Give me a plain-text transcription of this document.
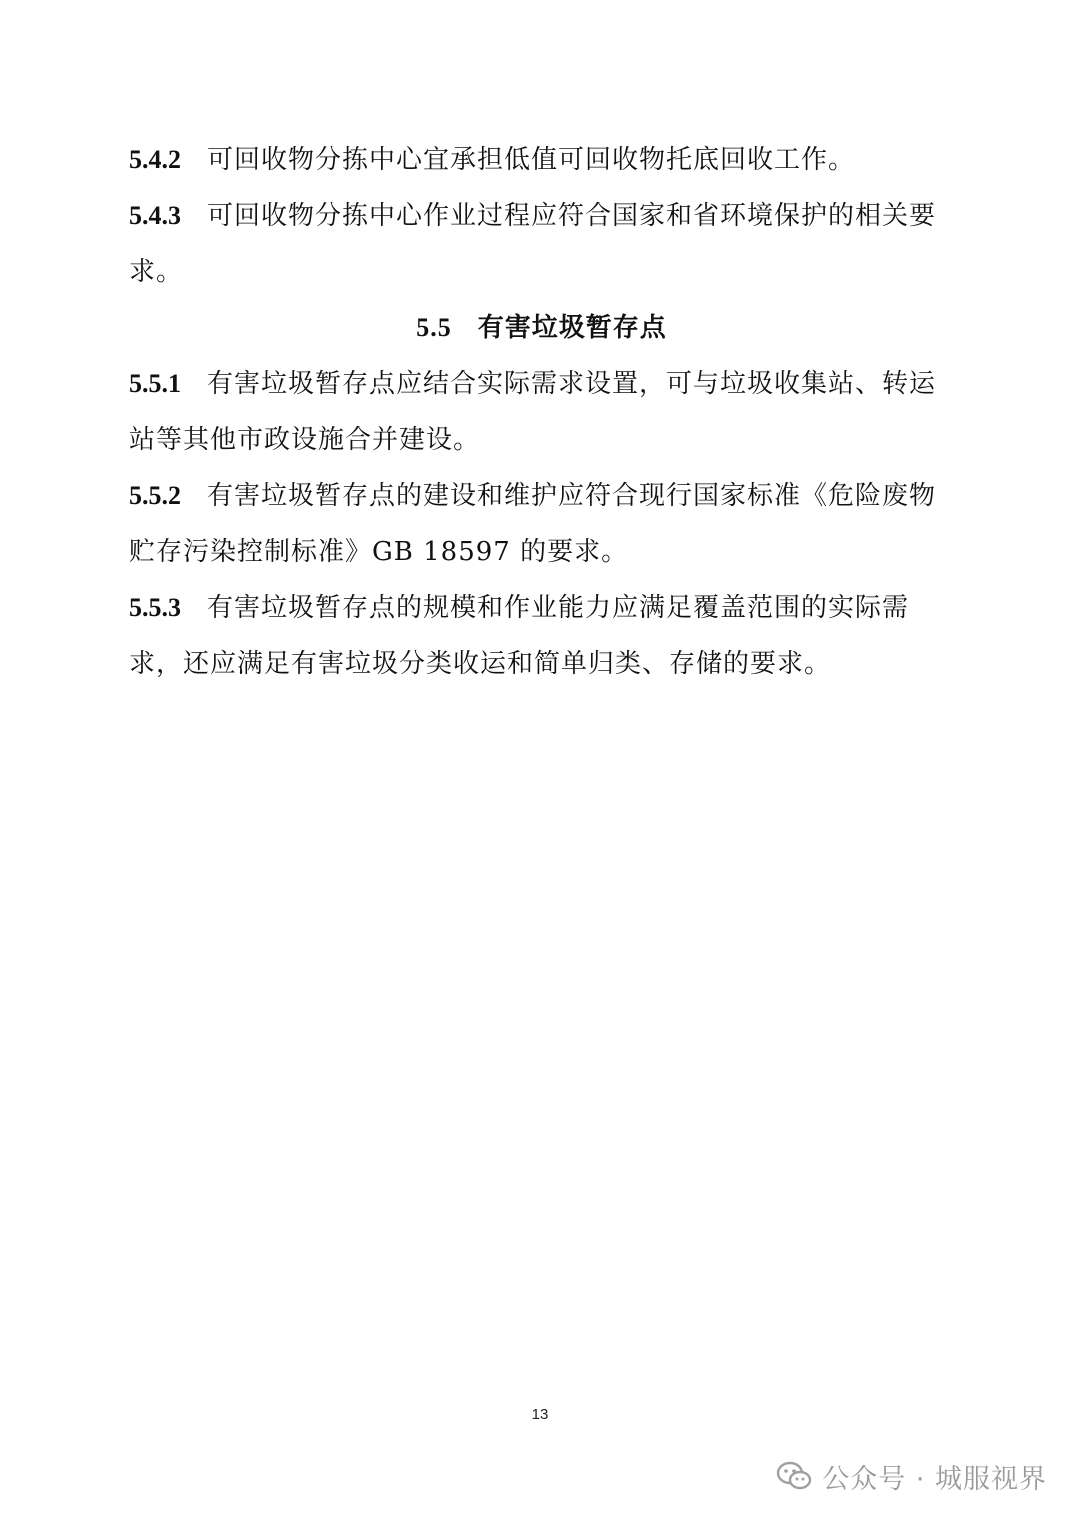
5.4.2 可回收物分拣中心宜承担低值可回收物托底回收工作。

5.4.3 可回收物分拣中心作业过程应符合国家和省环境保护的相关要求。

5.5 有害垃圾暂存点

5.5.1 有害垃圾暂存点应结合实际需求设置，可与垃圾收集站、转运站等其他市政设施合并建设。

5.5.2 有害垃圾暂存点的建设和维护应符合现行国家标准《危险废物贮存污染控制标准》GB 18597 的要求。

5.5.3 有害垃圾暂存点的规模和作业能力应满足覆盖范围的实际需求，还应满足有害垃圾分类收运和简单归类、存储的要求。

13
公众号 · 城服视界
